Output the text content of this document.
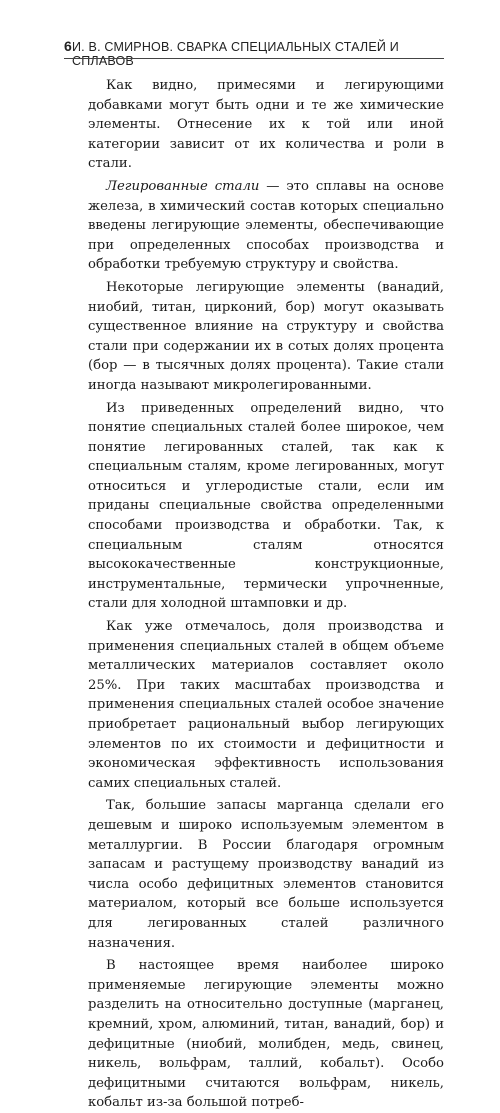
6 И. В. СМИРНОВ. СВАРКА СПЕЦИАЛЬНЫХ СТАЛЕЙ И СПЛАВОВ

Как видно, примесями и легирующими добавками могут быть одни и те же химические элементы. Отнесение их к той или иной категории зависит от их количества и роли в стали.

Легированные стали — это сплавы на основе железа, в химический состав которых специально введены легирующие элементы, обеспечивающие при определенных способах производства и обработки требуемую структуру и свойства.

Некоторые легирующие элементы (ванадий, ниобий, титан, цирконий, бор) могут оказывать существенное влияние на структуру и свойства стали при содержании их в сотых долях процента (бор — в тысячных долях процента). Такие стали иногда называют микролегированными.

Из приведенных определений видно, что понятие специальных сталей более широкое, чем понятие легированных сталей, так как к специальным сталям, кроме легированных, могут относиться и углеродистые стали, если им приданы специальные свойства определенными способами производства и обработки. Так, к специальным сталям относятся высококачественные конструкционные, инструментальные, термически упрочненные, стали для холодной штамповки и др.

Как уже отмечалось, доля производства и применения специальных сталей в общем объеме металлических материалов составляет около 25%. При таких масштабах производства и применения специальных сталей особое значение приобретает рациональный выбор легирующих элементов по их стоимости и дефицитности и экономическая эффективность использования самих специальных сталей.

Так, большие запасы марганца сделали его дешевым и широко используемым элементом в металлургии. В России благодаря огромным запасам и растущему производству ванадий из числа особо дефицитных элементов становится материалом, который все больше используется для легированных сталей различного назначения.

В настоящее время наиболее широко применяемые легирующие элементы можно разделить на относительно доступные (марганец, кремний, хром, алюминий, титан, ванадий, бор) и дефицитные (ниобий, молибден, медь, свинец, никель, вольфрам, таллий, кобальт). Особо дефицитными считаются вольфрам, никель, кобальт из-за большой потреб-
